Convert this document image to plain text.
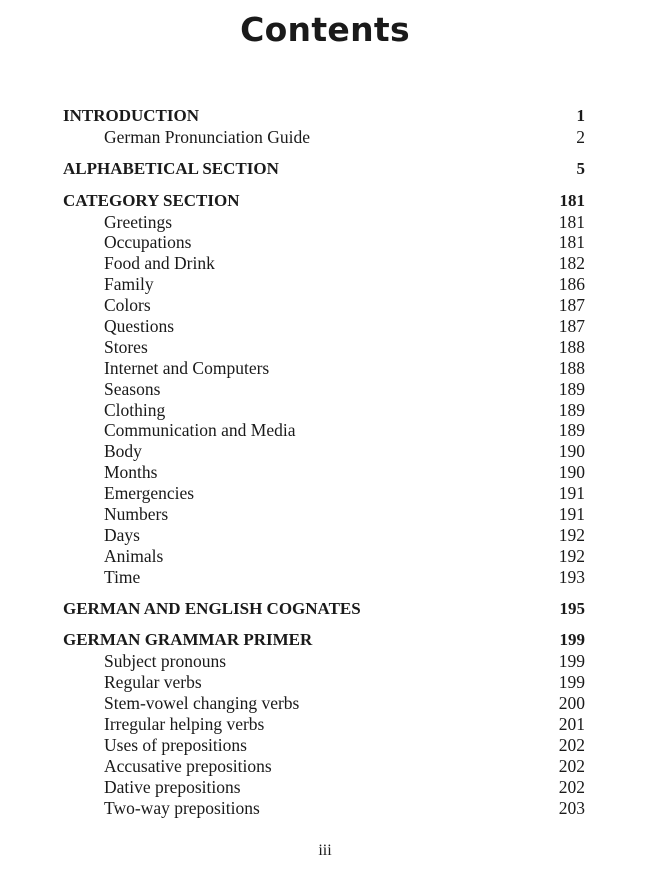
Contents
INTRODUCTION	1
German Pronunciation Guide	2
ALPHABETICAL SECTION	5
CATEGORY SECTION	181
Greetings	181
Occupations	181
Food and Drink	182
Family	186
Colors	187
Questions	187
Stores	188
Internet and Computers	188
Seasons	189
Clothing	189
Communication and Media	189
Body	190
Months	190
Emergencies	191
Numbers	191
Days	192
Animals	192
Time	193
GERMAN AND ENGLISH COGNATES	195
GERMAN GRAMMAR PRIMER	199
Subject pronouns	199
Regular verbs	199
Stem-vowel changing verbs	200
Irregular helping verbs	201
Uses of prepositions	202
Accusative prepositions	202
Dative prepositions	202
Two-way prepositions	203
iii
